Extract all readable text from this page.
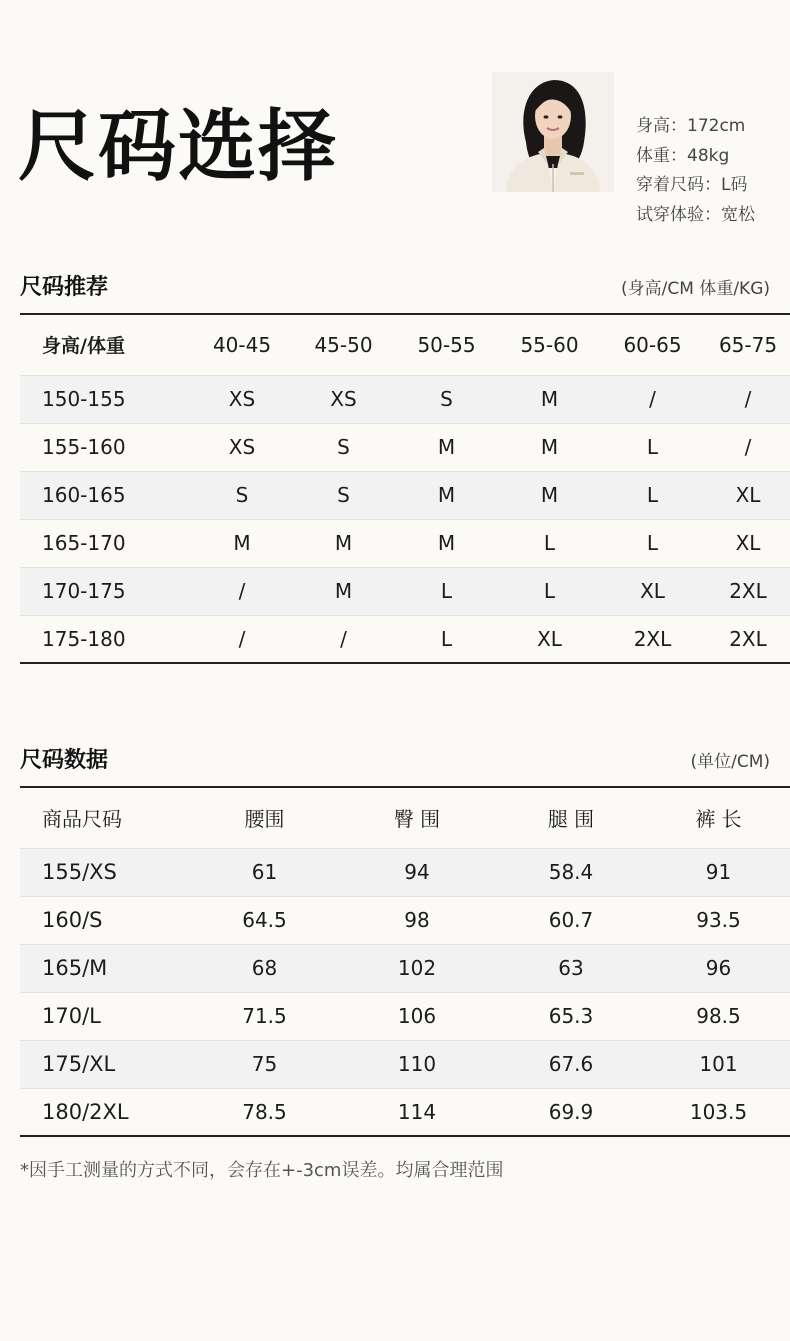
尺码选择	身高：172cm
体重：48kg
穿着尺码：L码
试穿体验：宽松
尺码推荐	(身高/CM 体重/KG)
身高/体重	40-45	45-50	50-55	55-60	60-65	65-75
150-155	XS	XS	S	M	/	/
155-160	XS	S	M	M	L	/
160-165	S	S	M	M	L	XL
165-170	M	M	M	L	L	XL
170-175	/	M	L	L	XL	2XL
175-180	/	/	L	XL	2XL	2XL
尺码数据	(单位/CM)
商品尺码	腰围	臀 围	腿 围	裤 长
155/XS	61	94	58.4	91
160/S	64.5	98	60.7	93.5
165/M	68	102	63	96
170/L	71.5	106	65.3	98.5
175/XL	75	110	67.6	101
180/2XL	78.5	114	69.9	103.5
*因手工测量的方式不同，会存在+-3cm误差。均属合理范围
